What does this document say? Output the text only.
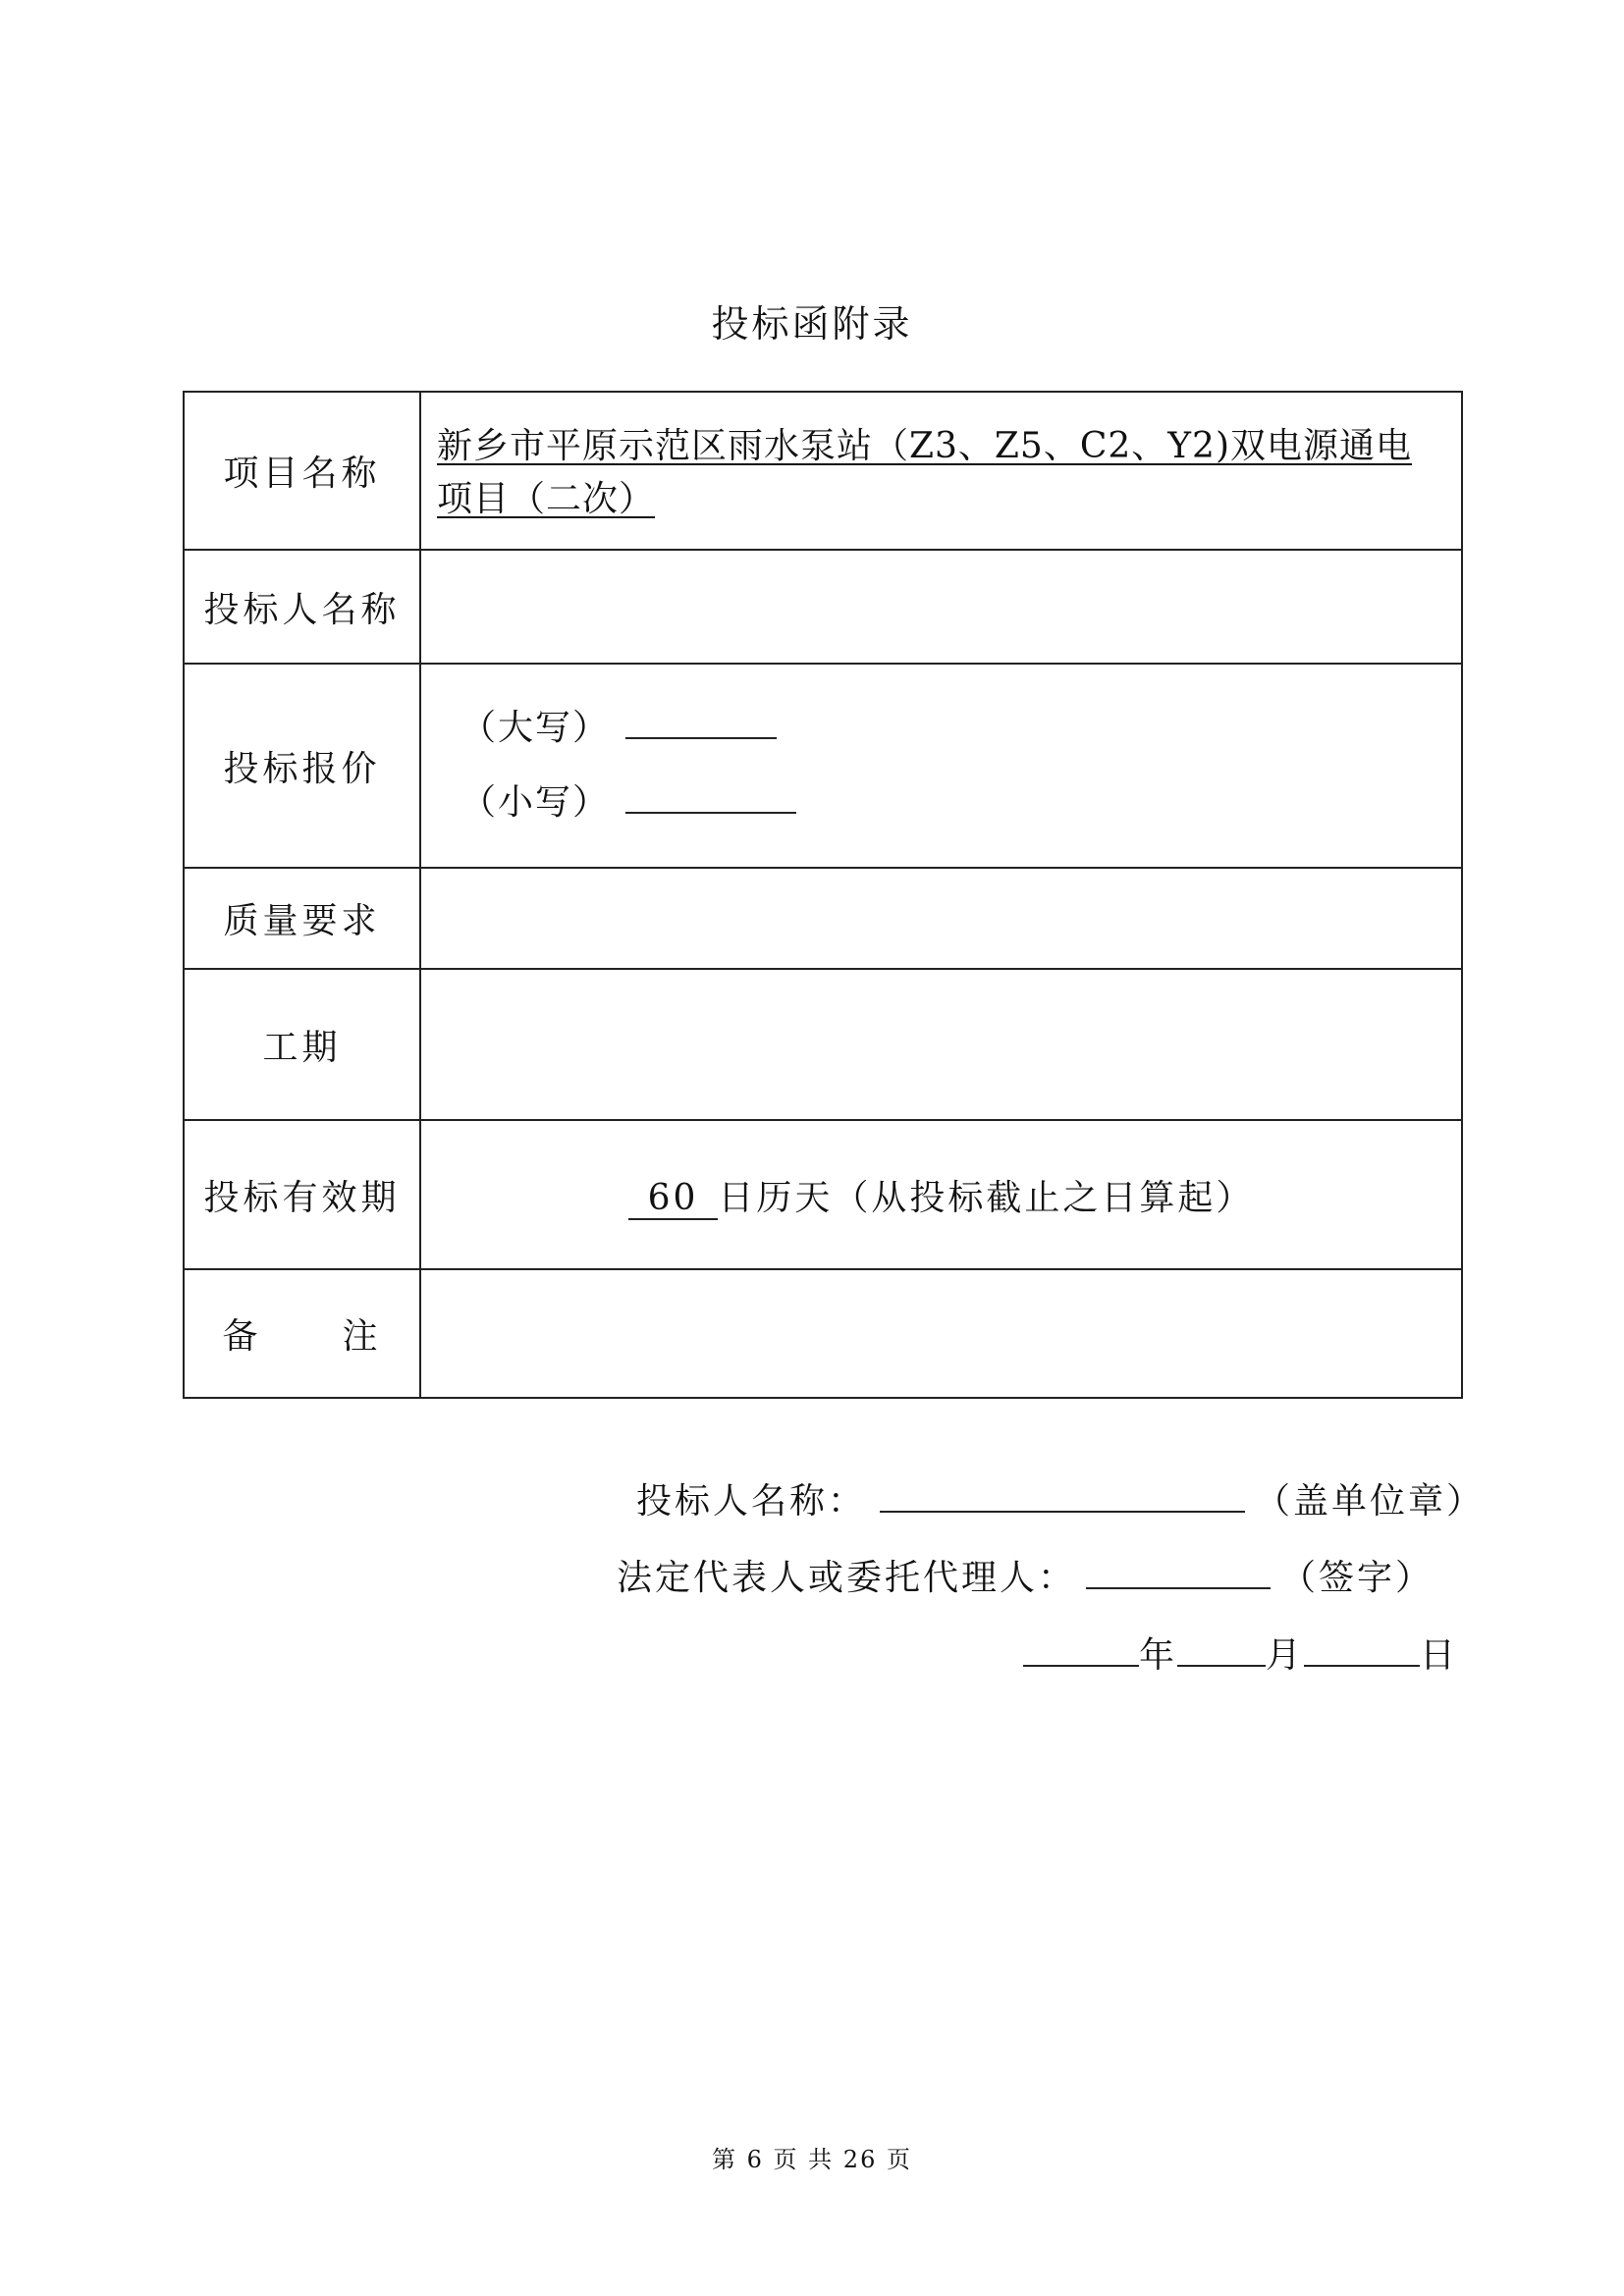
投标函附录
项目名称	新乡市平原示范区雨水泵站（Z3、Z5、C2、Y2)双电源通电
项目（二次）

投标人名称	
投标报价	（大写）
（小写）

质量要求	
工期	
投标有效期	60 日历天（从投标截止之日算起）
备 注	
投标人名称：	（盖单位章）
法定代表人或委托代理人：	（签字）
年	月	日
第 6 页 共 26 页
